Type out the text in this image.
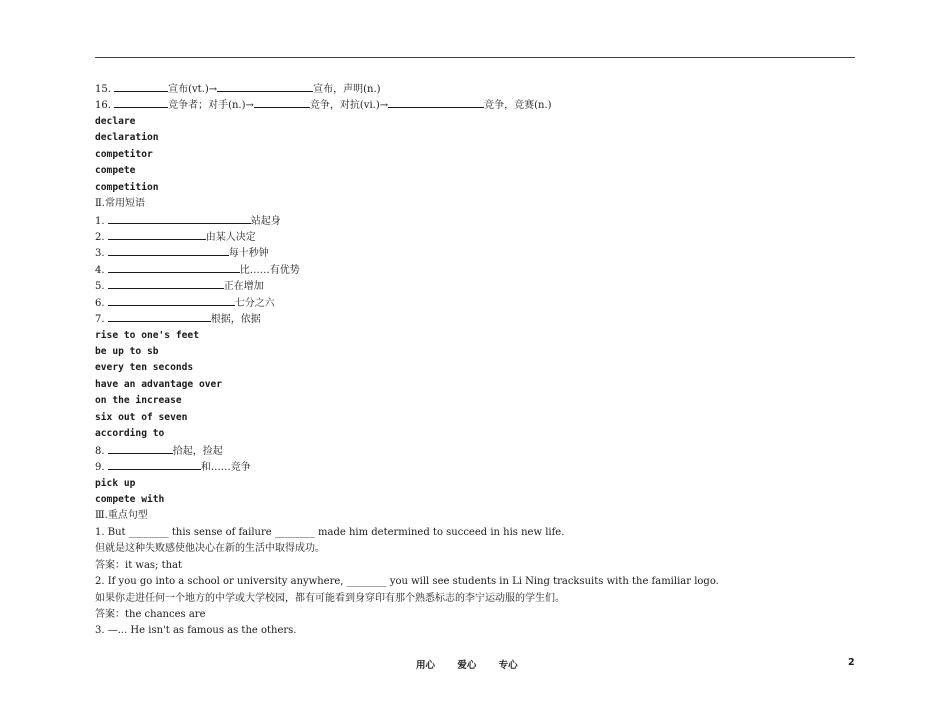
15.	宣布(vt.)→	宣布，声明(n.)
16.	竞争者；对手(n.)→	竞争，对抗(vi.)→	竞争，竞赛(n.)
declare
declaration
competitor
compete
competition
Ⅱ.常用短语
1.	站起身
2.	由某人决定
3.	每十秒钟
4.	比……有优势
5.	正在增加
6.	七分之六
7.	根据，依据
rise to one's feet
be up to sb
every ten seconds
have an advantage over
on the increase
six out of seven
according to
8.	拾起，捡起
9.	和……竞争
pick up
compete with
Ⅲ.重点句型
1. But ________ this sense of failure ________ made him determined to succeed in his new life.
但就是这种失败感使他决心在新的生活中取得成功。
答案：it was; that
2. If you go into a school or university anywhere, ________ you will see students in Li Ning tracksuits with the familiar logo.
如果你走进任何一个地方的中学或大学校园，都有可能看到身穿印有那个熟悉标志的李宁运动服的学生们。
答案：the chances are
3. —... He isn't as famous as the others.
用心 爱心 专心	2
